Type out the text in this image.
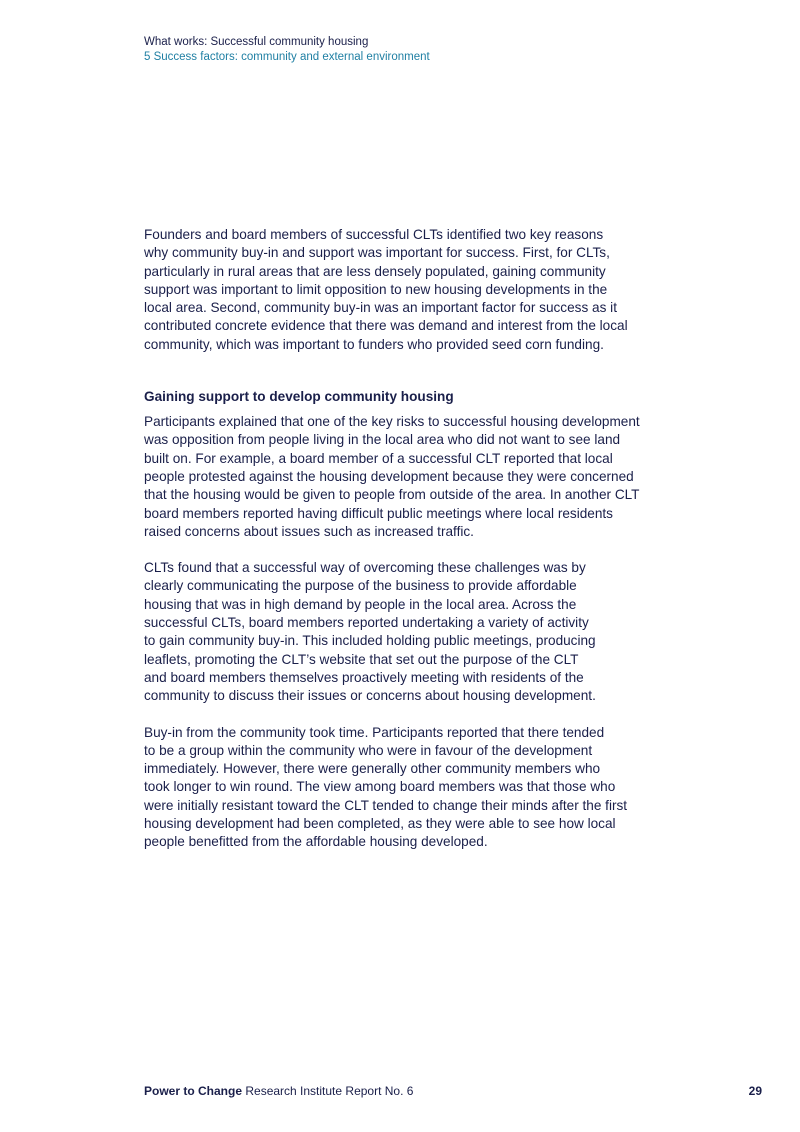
What works: Successful community housing
5 Success factors: community and external environment

Founders and board members of successful CLTs identified two key reasons
why community buy-in and support was important for success. First, for CLTs,
particularly in rural areas that are less densely populated, gaining community
support was important to limit opposition to new housing developments in the
local area. Second, community buy-in was an important factor for success as it
contributed concrete evidence that there was demand and interest from the local
community, which was important to funders who provided seed corn funding.

Gaining support to develop community housing

Participants explained that one of the key risks to successful housing development
was opposition from people living in the local area who did not want to see land
built on. For example, a board member of a successful CLT reported that local
people protested against the housing development because they were concerned
that the housing would be given to people from outside of the area. In another CLT
board members reported having difficult public meetings where local residents
raised concerns about issues such as increased traffic.

CLTs found that a successful way of overcoming these challenges was by
clearly communicating the purpose of the business to provide affordable
housing that was in high demand by people in the local area. Across the
successful CLTs, board members reported undertaking a variety of activity
to gain community buy-in. This included holding public meetings, producing
leaflets, promoting the CLT’s website that set out the purpose of the CLT
and board members themselves proactively meeting with residents of the
community to discuss their issues or concerns about housing development.

Buy-in from the community took time. Participants reported that there tended
to be a group within the community who were in favour of the development
immediately. However, there were generally other community members who
took longer to win round. The view among board members was that those who
were initially resistant toward the CLT tended to change their minds after the first
housing development had been completed, as they were able to see how local
people benefitted from the affordable housing developed.

Power to Change Research Institute Report No. 6	29
